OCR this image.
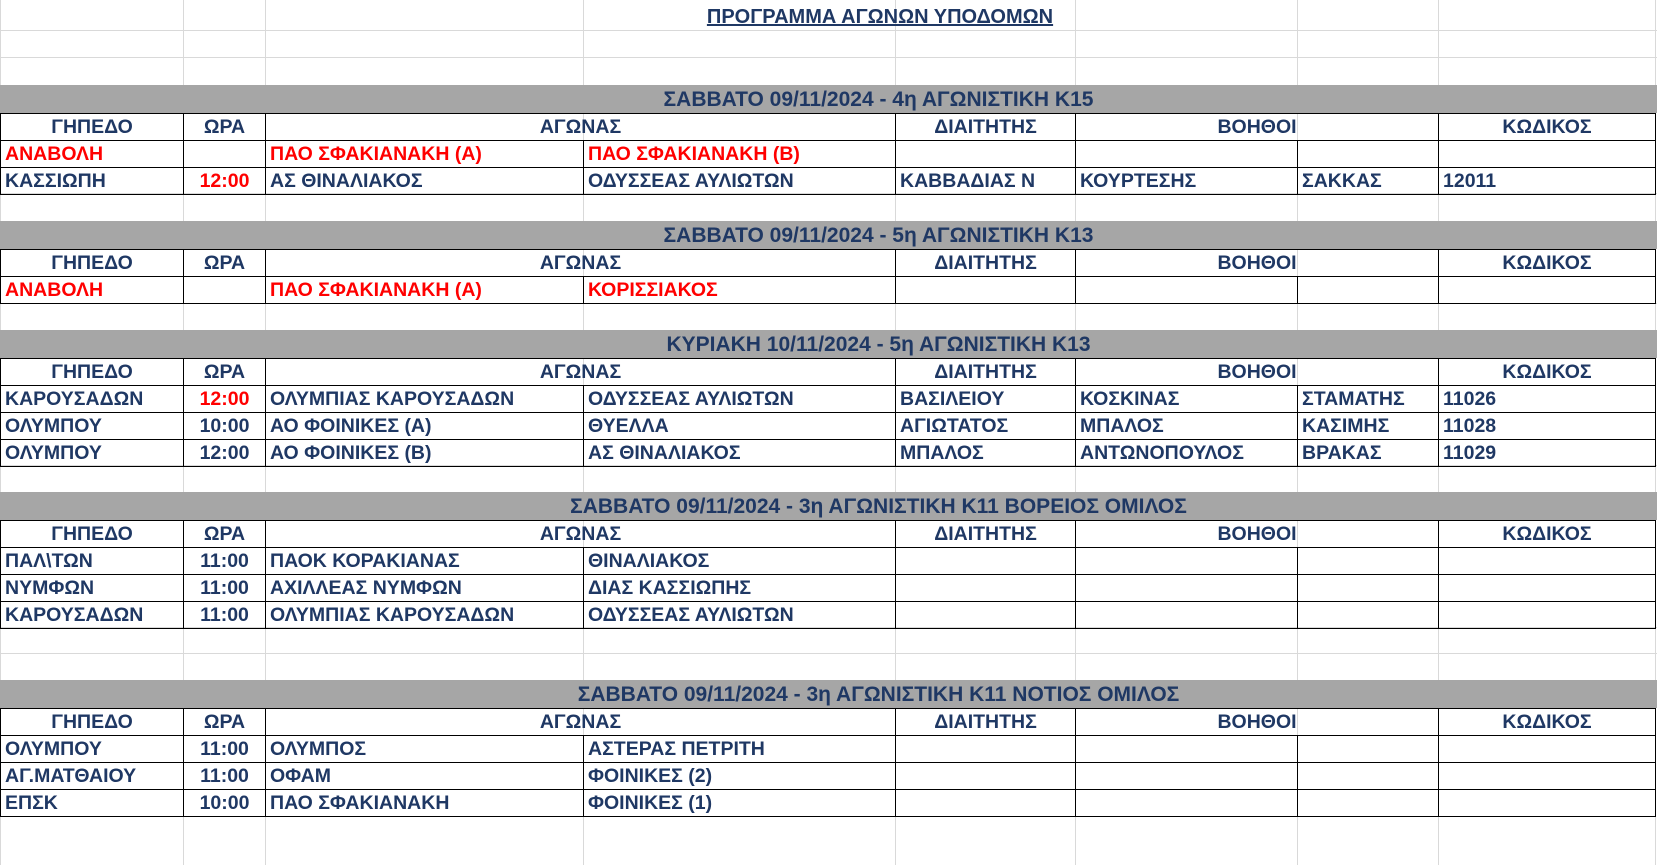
ΠΡΟΓΡΑΜΜΑ ΑΓΩΝΩΝ ΥΠΟΔΟΜΩΝ
ΣΑΒΒΑΤΟ 09/11/2024 - 4η ΑΓΩΝΙΣΤΙΚΗ Κ15
ΓΗΠΕΔΟ	ΩΡΑ	ΑΓΩΝΑΣ		ΔΙΑΙΤΗΤΗΣ	ΒΟΗΘΟΙ		ΚΩΔΙΚΟΣ
ΑΝΑΒΟΛΗ		ΠΑΟ ΣΦΑΚΙΑΝΑΚΗ (Α)	ΠΑΟ ΣΦΑΚΙΑΝΑΚΗ (Β)				
ΚΑΣΣΙΩΠΗ	12:00	ΑΣ ΘΙΝΑΛΙΑΚΟΣ	ΟΔΥΣΣΕΑΣ ΑΥΛΙΩΤΩΝ	ΚΑΒΒΑΔΙΑΣ Ν	ΚΟΥΡΤΕΣΗΣ	ΣΑΚΚΑΣ	12011
ΣΑΒΒΑΤΟ 09/11/2024 - 5η ΑΓΩΝΙΣΤΙΚΗ Κ13
ΓΗΠΕΔΟ	ΩΡΑ	ΑΓΩΝΑΣ		ΔΙΑΙΤΗΤΗΣ	ΒΟΗΘΟΙ		ΚΩΔΙΚΟΣ
ΑΝΑΒΟΛΗ		ΠΑΟ ΣΦΑΚΙΑΝΑΚΗ (Α)	ΚΟΡΙΣΣΙΑΚΟΣ				
ΚΥΡΙΑΚΗ 10/11/2024 - 5η ΑΓΩΝΙΣΤΙΚΗ Κ13
ΓΗΠΕΔΟ	ΩΡΑ	ΑΓΩΝΑΣ		ΔΙΑΙΤΗΤΗΣ	ΒΟΗΘΟΙ		ΚΩΔΙΚΟΣ
ΚΑΡΟΥΣΑΔΩΝ	12:00	ΟΛΥΜΠΙΑΣ ΚΑΡΟΥΣΑΔΩΝ	ΟΔΥΣΣΕΑΣ ΑΥΛΙΩΤΩΝ	ΒΑΣΙΛΕΙΟΥ	ΚΟΣΚΙΝΑΣ	ΣΤΑΜΑΤΗΣ	11026
ΟΛΥΜΠΟΥ	10:00	ΑΟ ΦΟΙΝΙΚΕΣ (Α)	ΘΥΕΛΛΑ	ΑΓΙΩΤΑΤΟΣ	ΜΠΑΛΟΣ	ΚΑΣΙΜΗΣ	11028
ΟΛΥΜΠΟΥ	12:00	ΑΟ ΦΟΙΝΙΚΕΣ (Β)	ΑΣ ΘΙΝΑΛΙΑΚΟΣ	ΜΠΑΛΟΣ	ΑΝΤΩΝΟΠΟΥΛΟΣ	ΒΡΑΚΑΣ	11029
ΣΑΒΒΑΤΟ 09/11/2024 - 3η ΑΓΩΝΙΣΤΙΚΗ Κ11 ΒΟΡΕΙΟΣ ΟΜΙΛΟΣ
ΓΗΠΕΔΟ	ΩΡΑ	ΑΓΩΝΑΣ		ΔΙΑΙΤΗΤΗΣ	ΒΟΗΘΟΙ		ΚΩΔΙΚΟΣ
ΠΑΛ\ΤΩΝ	11:00	ΠΑΟΚ ΚΟΡΑΚΙΑΝΑΣ	ΘΙΝΑΛΙΑΚΟΣ				
ΝΥΜΦΩΝ	11:00	ΑΧΙΛΛΕΑΣ ΝΥΜΦΩΝ	ΔΙΑΣ ΚΑΣΣΙΩΠΗΣ				
ΚΑΡΟΥΣΑΔΩΝ	11:00	ΟΛΥΜΠΙΑΣ ΚΑΡΟΥΣΑΔΩΝ	ΟΔΥΣΣΕΑΣ ΑΥΛΙΩΤΩΝ				
ΣΑΒΒΑΤΟ 09/11/2024 - 3η ΑΓΩΝΙΣΤΙΚΗ Κ11 ΝΟΤΙΟΣ ΟΜΙΛΟΣ
ΓΗΠΕΔΟ	ΩΡΑ	ΑΓΩΝΑΣ		ΔΙΑΙΤΗΤΗΣ	ΒΟΗΘΟΙ		ΚΩΔΙΚΟΣ
ΟΛΥΜΠΟΥ	11:00	ΟΛΥΜΠΟΣ	ΑΣΤΕΡΑΣ ΠΕΤΡΙΤΗ				
ΑΓ.ΜΑΤΘΑΙΟΥ	11:00	ΟΦΑΜ	ΦΟΙΝΙΚΕΣ (2)				
ΕΠΣΚ	10:00	ΠΑΟ ΣΦΑΚΙΑΝΑΚΗ	ΦΟΙΝΙΚΕΣ (1)				
